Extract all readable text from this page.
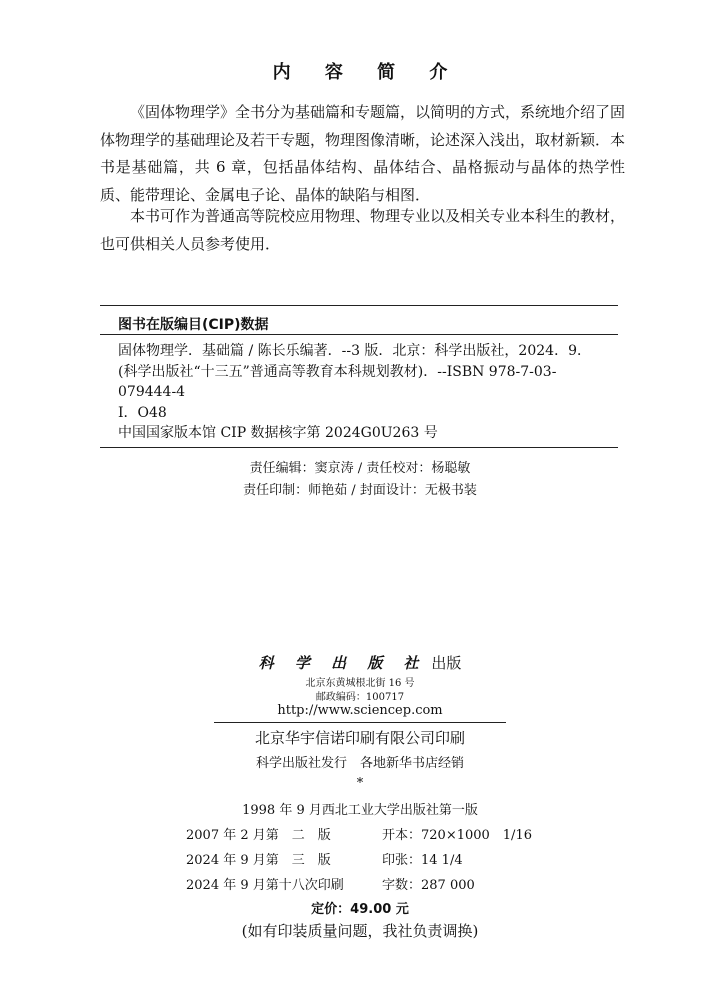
内 容 简 介

《固体物理学》全书分为基础篇和专题篇，以简明的方式，系统地介绍了固体物理学的基础理论及若干专题，物理图像清晰，论述深入浅出，取材新颖．本书是基础篇，共 6 章，包括晶体结构、晶体结合、晶格振动与晶体的热学性质、能带理论、金属电子论、晶体的缺陷与相图．

本书可作为普通高等院校应用物理、物理专业以及相关专业本科生的教材，也可供相关人员参考使用．

图书在版编目(CIP)数据
固体物理学．基础篇 / 陈长乐编著．--3 版．北京：科学出版社，2024．9．
(科学出版社“十三五”普通高等教育本科规划教材)．--ISBN 978-7-03-
079444-4
Ⅰ．O48
中国国家版本馆 CIP 数据核字第 2024G0U263 号
责任编辑：窦京涛 / 责任校对：杨聪敏
责任印制：师艳茹 / 封面设计：无极书装
科 学 出 版 社 出版
北京东黄城根北街 16 号
邮政编码：100717
http://www.sciencep.com
北京华宇信诺印刷有限公司印刷
科学出版社发行　各地新华书店经销
*
1998 年 9 月西北工业大学出版社第一版
2007 年 2 月第　二　版	开本：720×1000　1/16
2024 年 9 月第　三　版	印张：14 1/4
2024 年 9 月第十八次印刷	字数：287 000
定价：49.00 元
(如有印装质量问题，我社负责调换)
